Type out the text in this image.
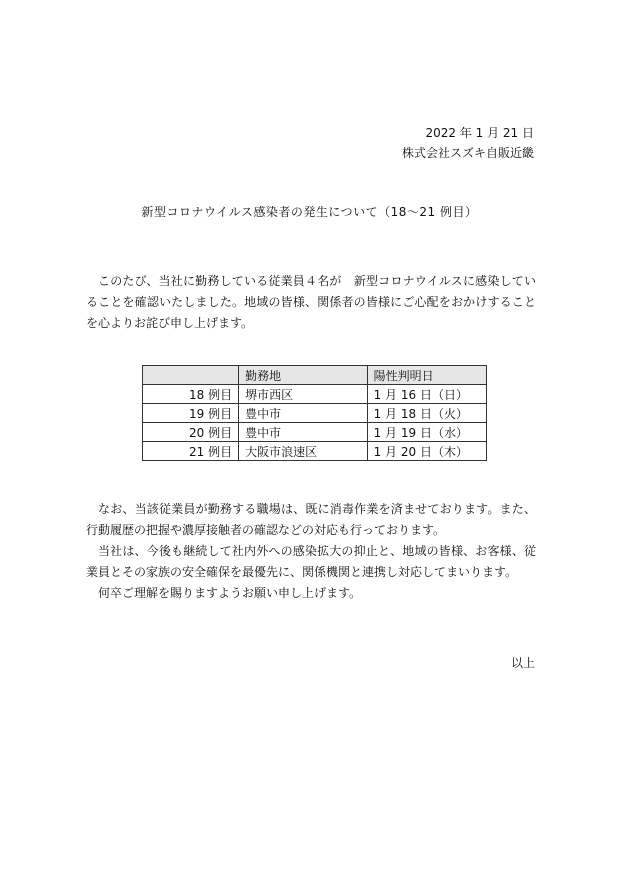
2022 年 1 月 21 日
株式会社スズキ自販近畿
新型コロナウイルス感染者の発生について（18～21 例目）

このたび、当社に勤務している従業員４名が　新型コロナウイルスに感染していることを確認いたしました。地域の皆様、関係者の皆様にご心配をおかけすることを心よりお詫び申し上げます。

	勤務地	陽性判明日
18 例目	堺市西区	1 月 16 日（日）
19 例目	豊中市	1 月 18 日（火）
20 例目	豊中市	1 月 19 日（水）
21 例目	大阪市浪速区	1 月 20 日（木）

なお、当該従業員が勤務する職場は、既に消毒作業を済ませております。また、行動履歴の把握や濃厚接触者の確認などの対応も行っております。

当社は、今後も継続して社内外への感染拡大の抑止と、地域の皆様、お客様、従業員とその家族の安全確保を最優先に、関係機関と連携し対応してまいります。

何卒ご理解を賜りますようお願い申し上げます。

以上
